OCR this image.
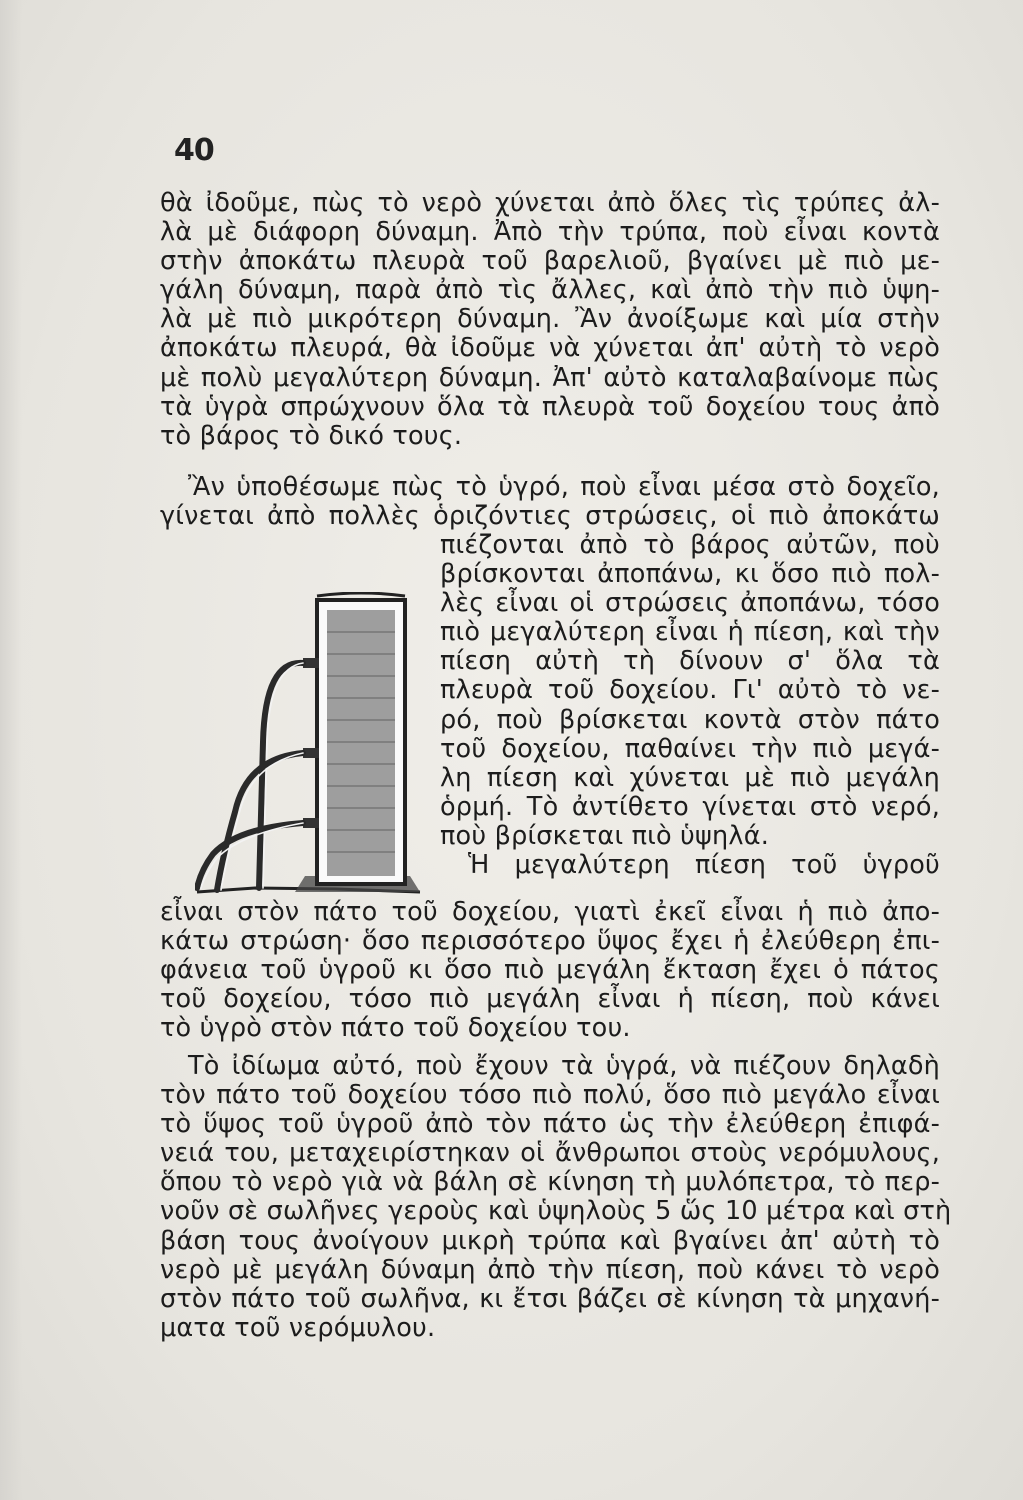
40
θὰ ἰδοῦμε, πὼς τὸ νερὸ χύνεται ἀπὸ ὅλες τὶς τρύπες ἀλ-
λὰ μὲ διάφορη δύναμη. Ἀπὸ τὴν τρύπα, ποὺ εἶναι κοντὰ
στὴν ἀποκάτω πλευρὰ τοῦ βαρελιοῦ, βγαίνει μὲ πιὸ με-
γάλη δύναμη, παρὰ ἀπὸ τὶς ἄλλες, καὶ ἀπὸ τὴν πιὸ ὑψη-
λὰ μὲ πιὸ μικρότερη δύναμη. Ἂν ἀνοίξωμε καὶ μία στὴν
ἀποκάτω πλευρά, θὰ ἰδοῦμε νὰ χύνεται ἀπ' αὐτὴ τὸ νερὸ
μὲ πολὺ μεγαλύτερη δύναμη. Ἀπ' αὐτὸ καταλαβαίνομε πὼς
τὰ ὑγρὰ σπρώχνουν ὅλα τὰ πλευρὰ τοῦ δοχείου τους ἀπὸ
τὸ βάρος τὸ δικό τους.
Ἂν ὑποθέσωμε πὼς τὸ ὑγρό, ποὺ εἶναι μέσα στὸ δοχεῖο,
γίνεται ἀπὸ πολλὲς ὁριζόντιες στρώσεις, οἱ πιὸ ἀποκάτω
πιέζονται ἀπὸ τὸ βάρος αὐτῶν, ποὺ
βρίσκονται ἀποπάνω, κι ὅσο πιὸ πολ-
λὲς εἶναι οἱ στρώσεις ἀποπάνω, τόσο
πιὸ μεγαλύτερη εἶναι ἡ πίεση, καὶ τὴν
πίεση αὐτὴ τὴ δίνουν σ' ὅλα τὰ
πλευρὰ τοῦ δοχείου. Γι' αὐτὸ τὸ νε-
ρό, ποὺ βρίσκεται κοντὰ στὸν πάτο
τοῦ δοχείου, παθαίνει τὴν πιὸ μεγά-
λη πίεση καὶ χύνεται μὲ πιὸ μεγάλη
ὁρμή. Τὸ ἀντίθετο γίνεται στὸ νερό,
ποὺ βρίσκεται πιὸ ὑψηλά.
Ἡ μεγαλύτερη πίεση τοῦ ὑγροῦ
εἶναι στὸν πάτο τοῦ δοχείου, γιατὶ ἐκεῖ εἶναι ἡ πιὸ ἀπο-
κάτω στρώση· ὅσο περισσότερο ὕψος ἔχει ἡ ἐλεύθερη ἐπι-
φάνεια τοῦ ὑγροῦ κι ὅσο πιὸ μεγάλη ἔκταση ἔχει ὁ πάτος
τοῦ δοχείου, τόσο πιὸ μεγάλη εἶναι ἡ πίεση, ποὺ κάνει
τὸ ὑγρὸ στὸν πάτο τοῦ δοχείου του.
Τὸ ἰδίωμα αὐτό, ποὺ ἔχουν τὰ ὑγρά, νὰ πιέζουν δηλαδὴ
τὸν πάτο τοῦ δοχείου τόσο πιὸ πολύ, ὅσο πιὸ μεγάλο εἶναι
τὸ ὕψος τοῦ ὑγροῦ ἀπὸ τὸν πάτο ὡς τὴν ἐλεύθερη ἐπιφά-
νειά του, μεταχειρίστηκαν οἱ ἄνθρωποι στοὺς νερόμυλους,
ὅπου τὸ νερὸ γιὰ νὰ βάλη σὲ κίνηση τὴ μυλόπετρα, τὸ περ-
νοῦν σὲ σωλῆνες γεροὺς καὶ ὑψηλοὺς 5 ὥς 10 μέτρα καὶ στὴ
βάση τους ἀνοίγουν μικρὴ τρύπα καὶ βγαίνει ἀπ' αὐτὴ τὸ
νερὸ μὲ μεγάλη δύναμη ἀπὸ τὴν πίεση, ποὺ κάνει τὸ νερὸ
στὸν πάτο τοῦ σωλῆνα, κι ἔτσι βάζει σὲ κίνηση τὰ μηχανή-
ματα τοῦ νερόμυλου.
